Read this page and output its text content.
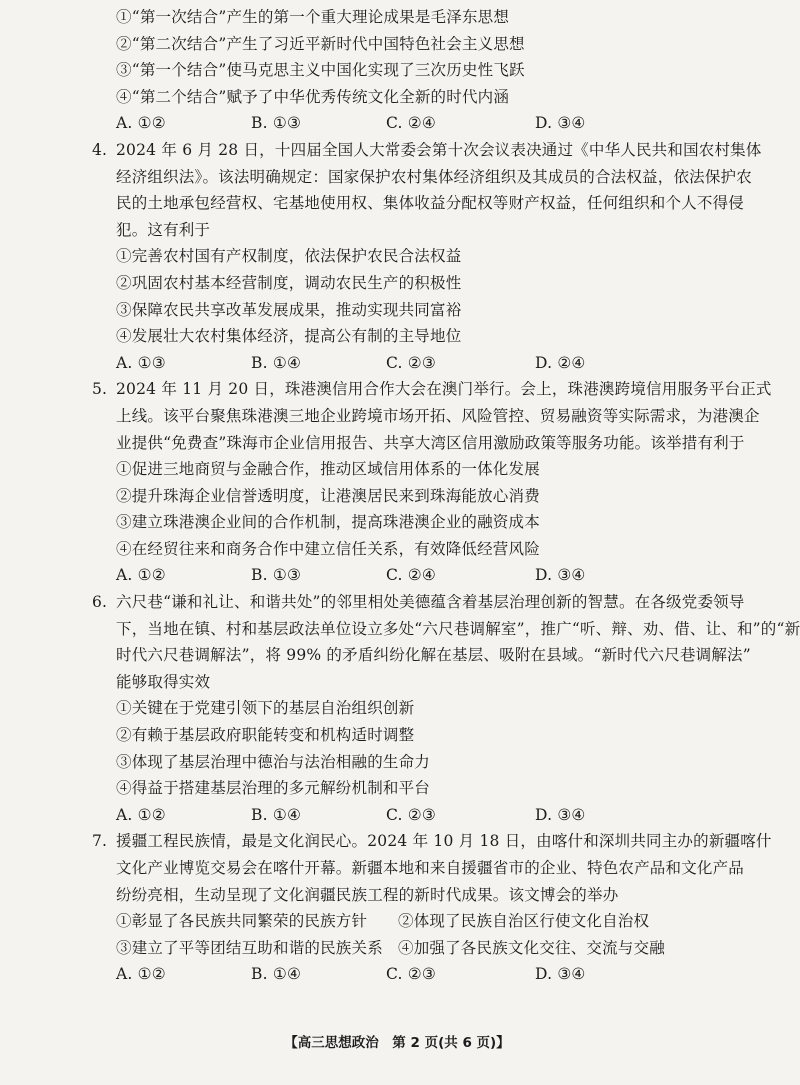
①“第一次结合”产生的第一个重大理论成果是毛泽东思想
②“第二次结合”产生了习近平新时代中国特色社会主义思想
③“第一个结合”使马克思主义中国化实现了三次历史性飞跃
④“第二个结合”赋予了中华优秀传统文化全新的时代内涵
A. ①②	B. ①③	C. ②④	D. ③④
4. 2024 年 6 月 28 日，十四届全国人大常委会第十次会议表决通过《中华人民共和国农村集体
经济组织法》。该法明确规定：国家保护农村集体经济组织及其成员的合法权益，依法保护农
民的土地承包经营权、宅基地使用权、集体收益分配权等财产权益，任何组织和个人不得侵
犯。这有利于
①完善农村国有产权制度，依法保护农民合法权益
②巩固农村基本经营制度，调动农民生产的积极性
③保障农民共享改革发展成果，推动实现共同富裕
④发展壮大农村集体经济，提高公有制的主导地位
A. ①③	B. ①④	C. ②③	D. ②④
5. 2024 年 11 月 20 日，珠港澳信用合作大会在澳门举行。会上，珠港澳跨境信用服务平台正式
上线。该平台聚焦珠港澳三地企业跨境市场开拓、风险管控、贸易融资等实际需求，为港澳企
业提供“免费查”珠海市企业信用报告、共享大湾区信用激励政策等服务功能。该举措有利于
①促进三地商贸与金融合作，推动区域信用体系的一体化发展
②提升珠海企业信誉透明度，让港澳居民来到珠海能放心消费
③建立珠港澳企业间的合作机制，提高珠港澳企业的融资成本
④在经贸往来和商务合作中建立信任关系，有效降低经营风险
A. ①②	B. ①③	C. ②④	D. ③④
6. 六尺巷“谦和礼让、和谐共处”的邻里相处美德蕴含着基层治理创新的智慧。在各级党委领导
下，当地在镇、村和基层政法单位设立多处“六尺巷调解室”，推广“听、辩、劝、借、让、和”的“新
时代六尺巷调解法”，将 99% 的矛盾纠纷化解在基层、吸附在县域。“新时代六尺巷调解法”
能够取得实效
①关键在于党建引领下的基层自治组织创新
②有赖于基层政府职能转变和机构适时调整
③体现了基层治理中德治与法治相融的生命力
④得益于搭建基层治理的多元解纷机制和平台
A. ①②	B. ①④	C. ②③	D. ③④
7. 援疆工程民族情，最是文化润民心。2024 年 10 月 18 日，由喀什和深圳共同主办的新疆喀什
文化产业博览交易会在喀什开幕。新疆本地和来自援疆省市的企业、特色农产品和文化产品
纷纷亮相，生动呈现了文化润疆民族工程的新时代成果。该文博会的举办
①彰显了各民族共同繁荣的民族方针	②体现了民族自治区行使文化自治权
③建立了平等团结互助和谐的民族关系 ④加强了各民族文化交往、交流与交融
A. ①②	B. ①④	C. ②③	D. ③④
【高三思想政治　第 2 页(共 6 页)】
